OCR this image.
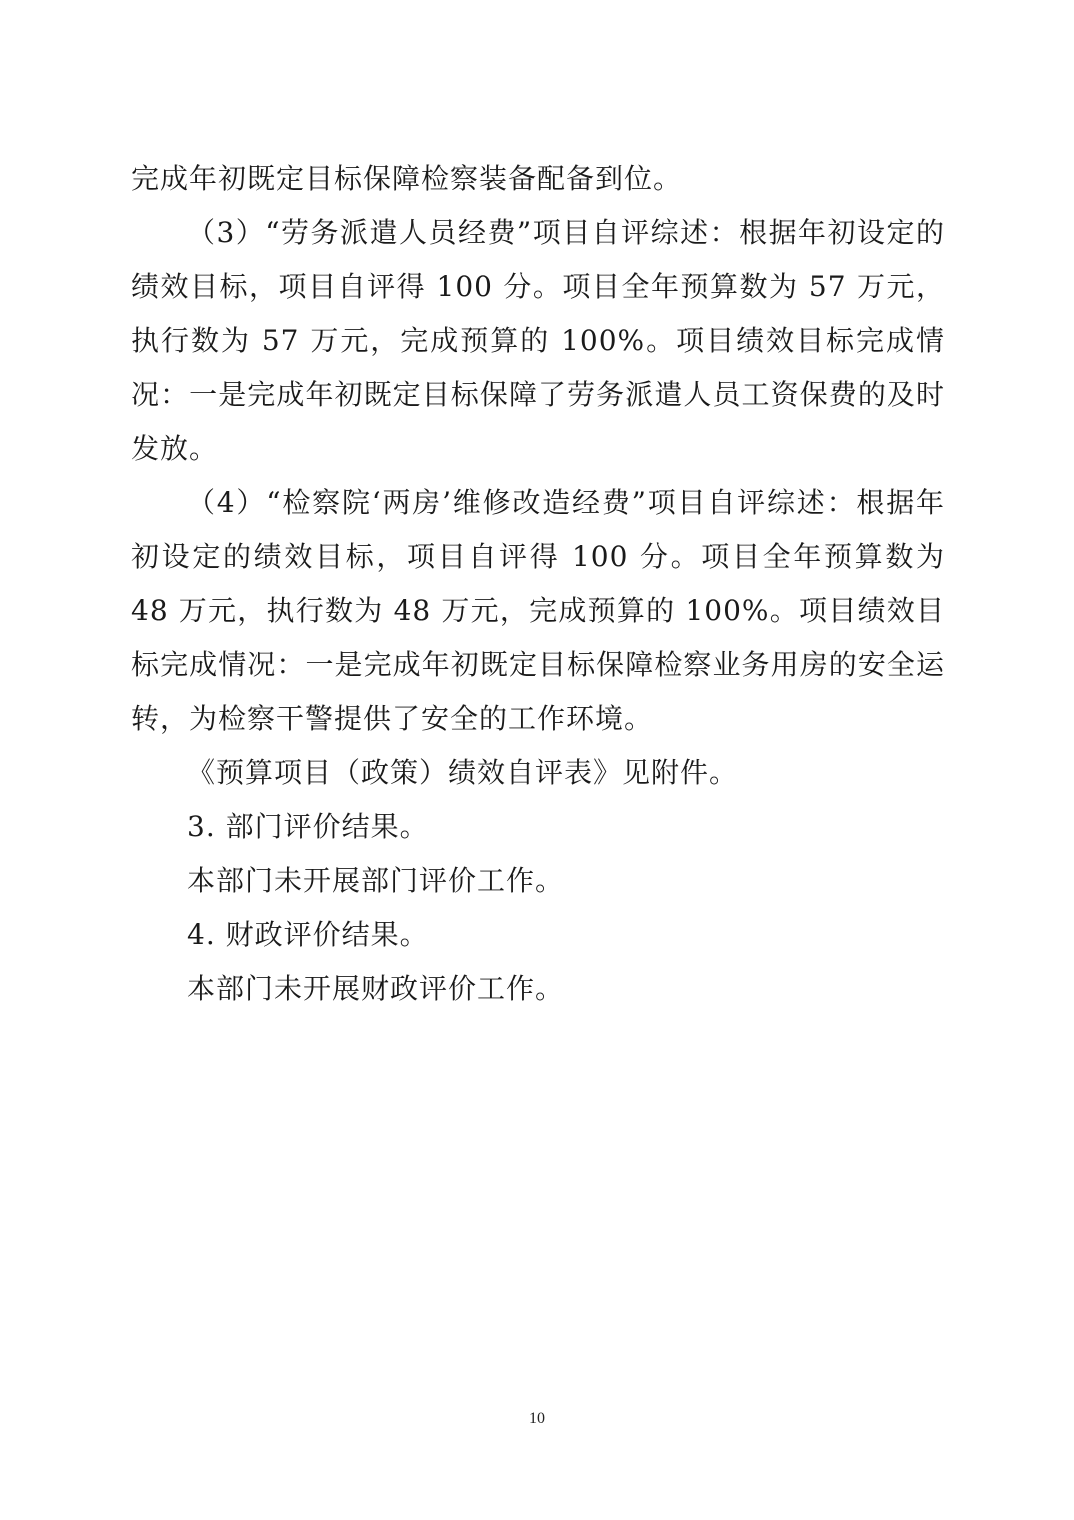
完成年初既定目标保障检察装备配备到位。

（3）“劳务派遣人员经费”项目自评综述：根据年初设定的绩效目标，项目自评得 100 分。项目全年预算数为 57 万元，执行数为 57 万元，完成预算的 100%。项目绩效目标完成情况：一是完成年初既定目标保障了劳务派遣人员工资保费的及时发放。

（4）“检察院‘两房’维修改造经费”项目自评综述：根据年初设定的绩效目标，项目自评得 100 分。项目全年预算数为 48 万元，执行数为 48 万元，完成预算的 100%。项目绩效目标完成情况：一是完成年初既定目标保障检察业务用房的安全运转，为检察干警提供了安全的工作环境。

《预算项目（政策）绩效自评表》见附件。

3. 部门评价结果。

本部门未开展部门评价工作。

4. 财政评价结果。

本部门未开展财政评价工作。

10
